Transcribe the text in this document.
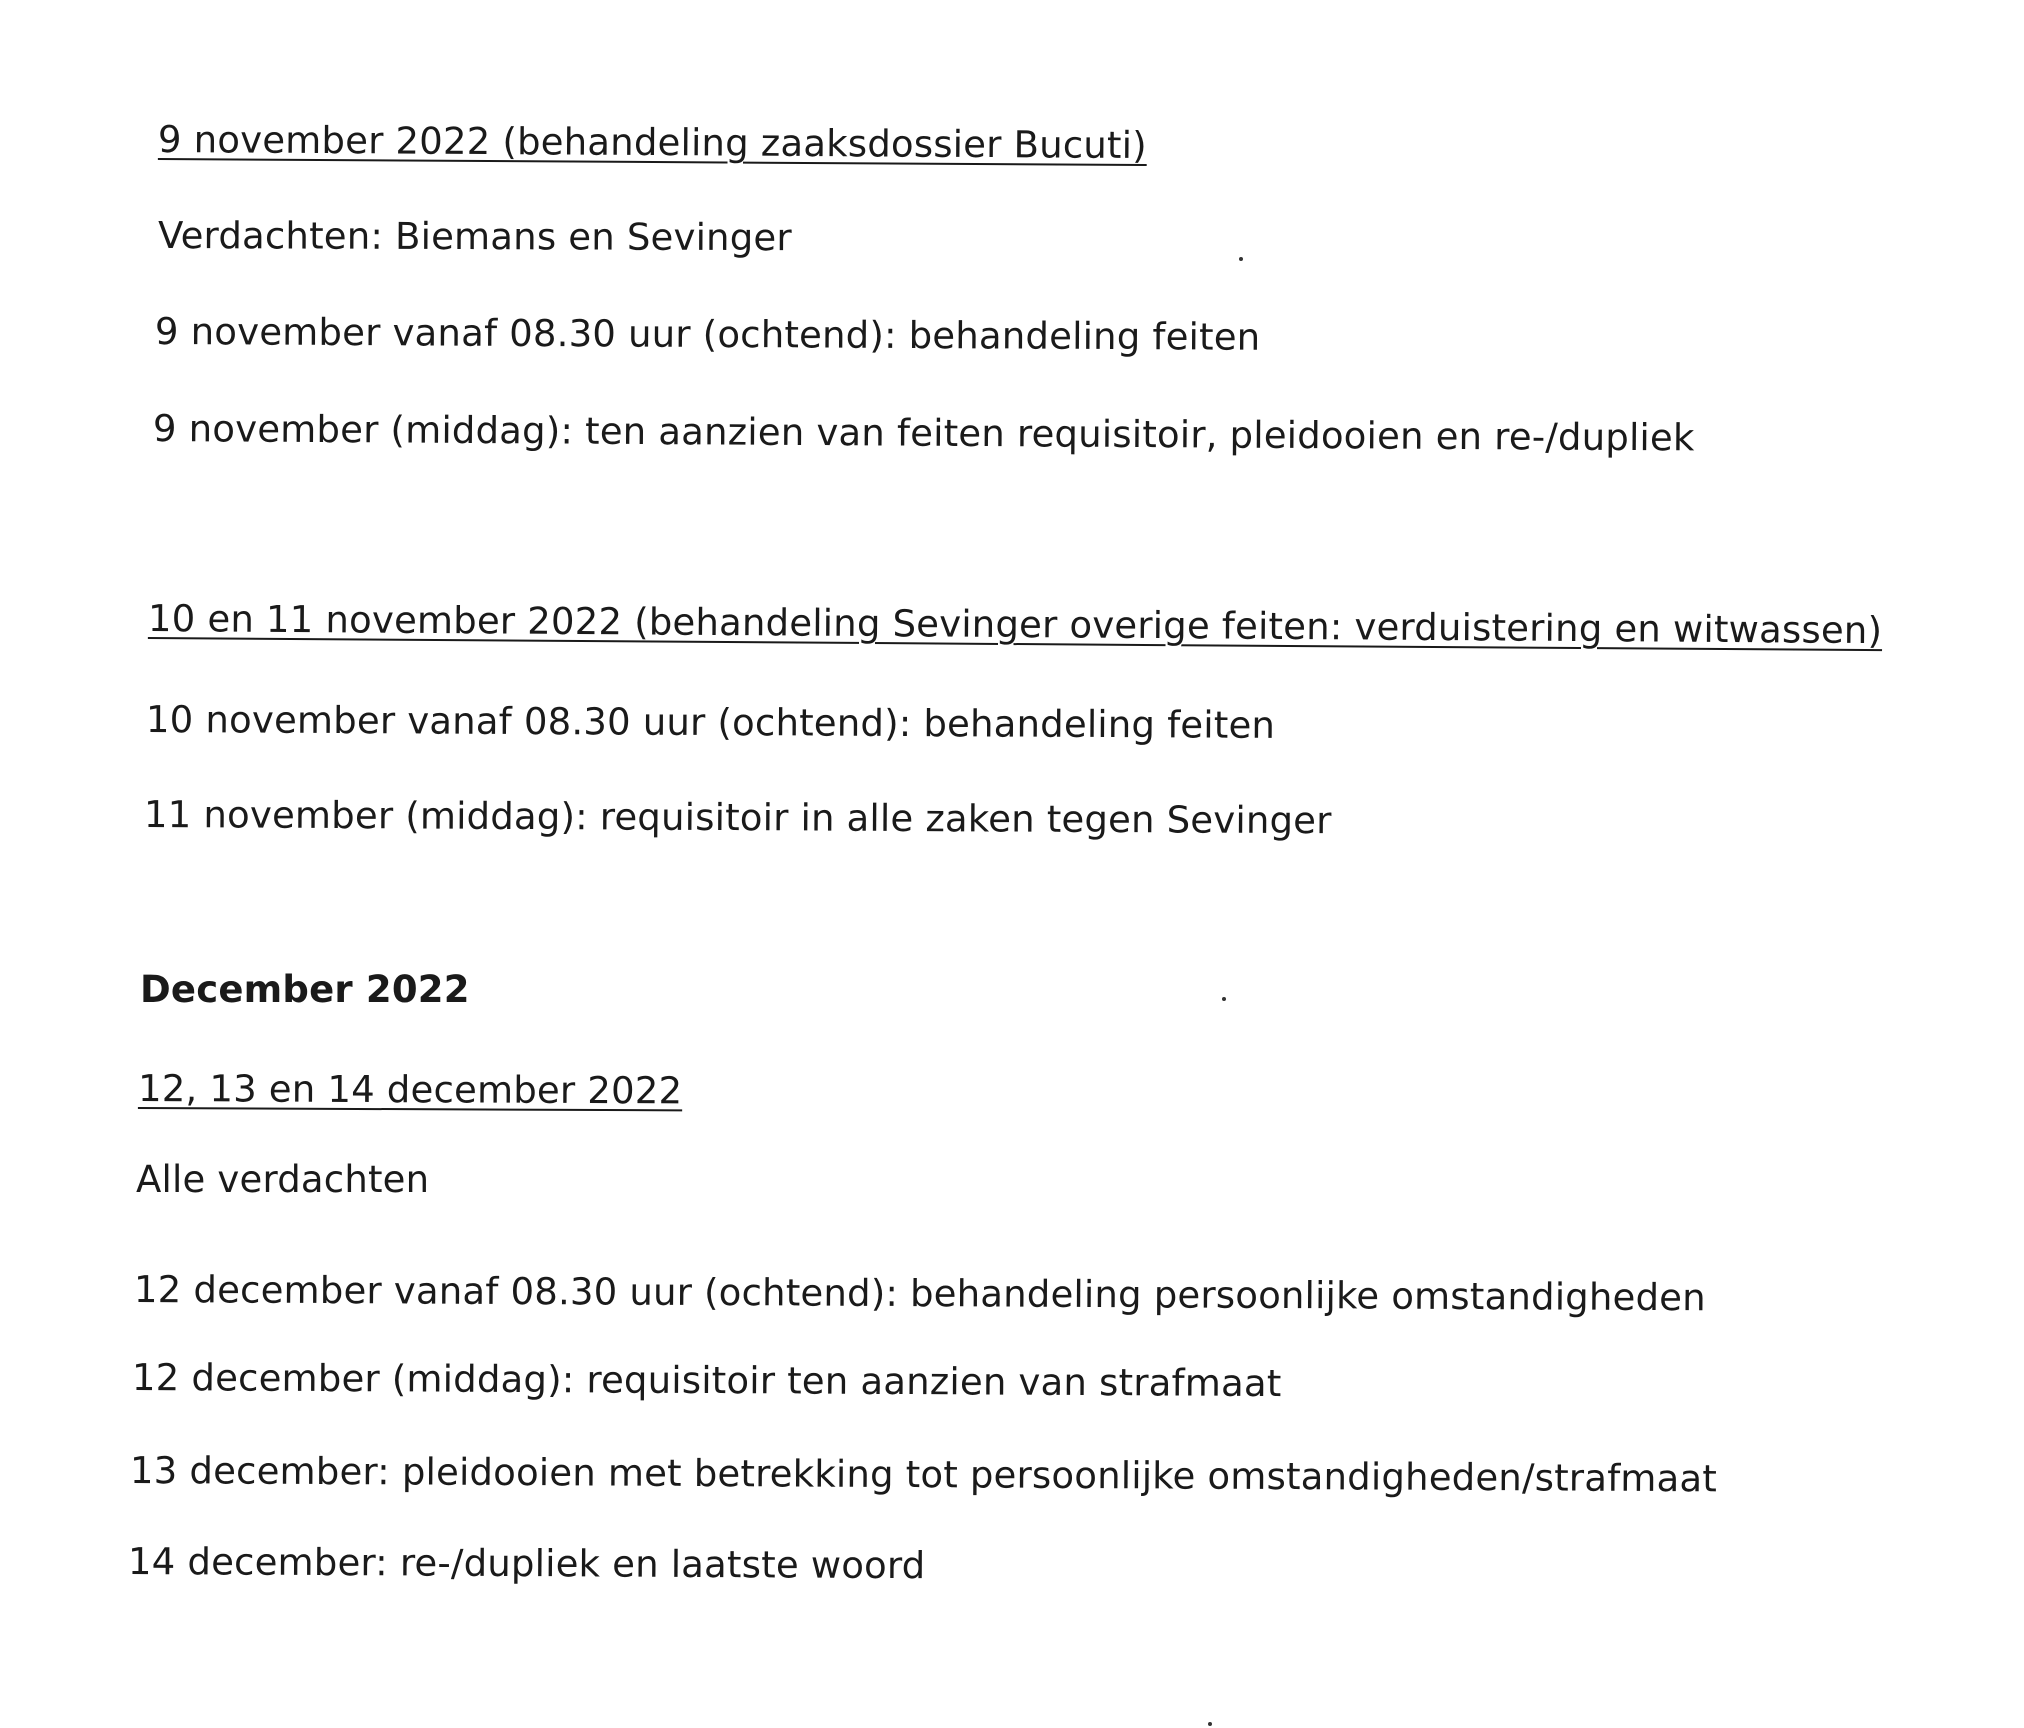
9 november 2022 (behandeling zaaksdossier Bucuti)
Verdachten: Biemans en Sevinger
9 november vanaf 08.30 uur (ochtend): behandeling feiten
9 november (middag): ten aanzien van feiten requisitoir, pleidooien en re-/dupliek
10 en 11 november 2022 (behandeling Sevinger overige feiten: verduistering en witwassen)
10 november vanaf 08.30 uur (ochtend): behandeling feiten
11 november (middag): requisitoir in alle zaken tegen Sevinger
December 2022
12, 13 en 14 december 2022
Alle verdachten
12 december vanaf 08.30 uur (ochtend): behandeling persoonlijke omstandigheden
12 december (middag): requisitoir ten aanzien van strafmaat
13 december: pleidooien met betrekking tot persoonlijke omstandigheden/strafmaat
14 december: re-/dupliek en laatste woord
